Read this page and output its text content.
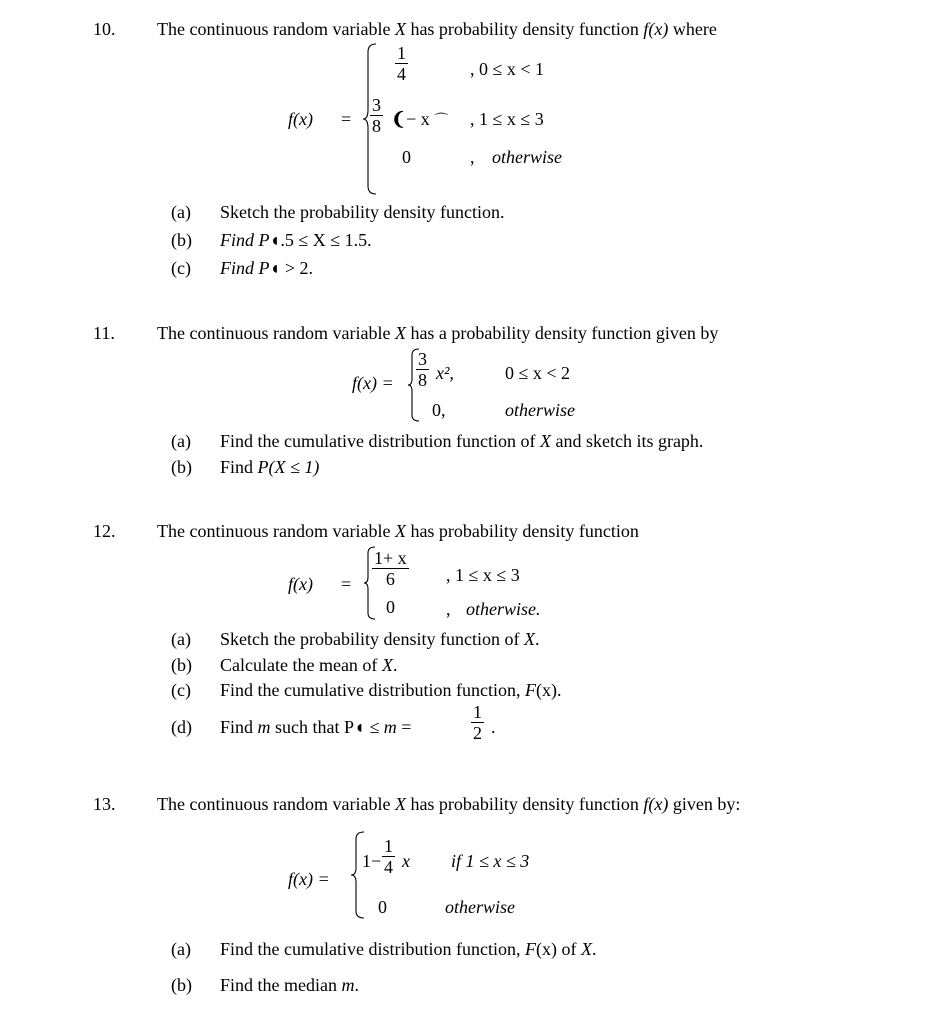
10. The continuous random variable X has probability density function f(x) where
f(x) =
1
4	, 0 ≤ x < 1
3
8 ❨− x ⌒ , 1 ≤ x ≤ 3
0	, otherwise
(a) Sketch the probability density function.
(b) Find P◖.5 ≤ X ≤ 1.5.
(c) Find P◖ > 2.
11. The continuous random variable X has a probability density function given by
f(x) =
3
8 x²,	0 ≤ x < 2
0,	otherwise
(a) Find the cumulative distribution function of X and sketch its graph.
(b) Find P(X ≤ 1)
12. The continuous random variable X has probability density function
f(x) =
1+ x
6	, 1 ≤ x ≤ 3
0	, otherwise.
(a) Sketch the probability density function of X.
(b) Calculate the mean of X.
(c) Find the cumulative distribution function, F(x).
(d) Find m such that P◖ ≤ m =
1
2 .
13. The continuous random variable X has probability density function f(x) given by:
f(x) =
1−
1
4 x if 1 ≤ x ≤ 3
0	otherwise
(a) Find the cumulative distribution function, F(x) of X.
(b) Find the median m.
